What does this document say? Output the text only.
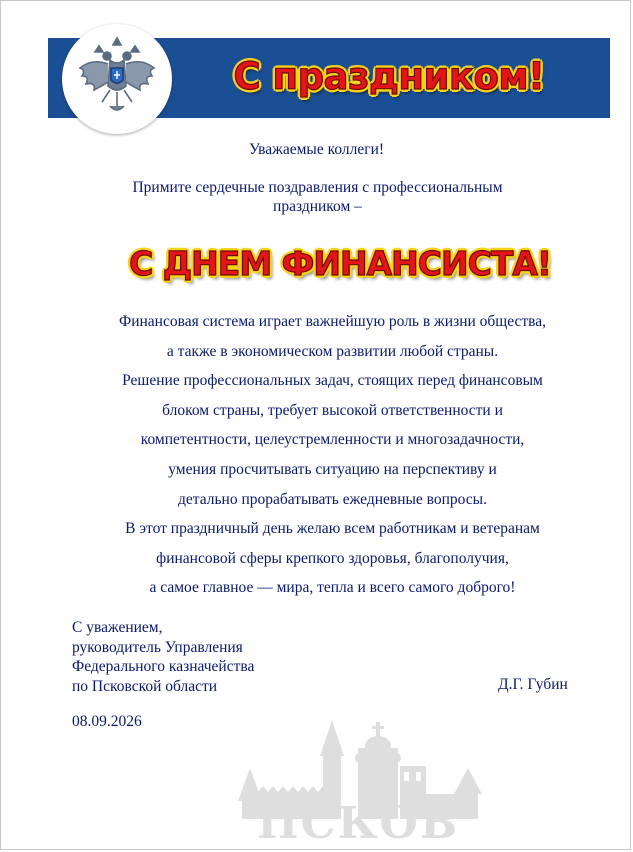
С праздником!
Уважаемые коллеги!
Примите сердечные поздравления с профессиональным
праздником –
С ДНЕМ ФИНАНСИСТА!
Финансовая система играет важнейшую роль в жизни общества,
а также в экономическом развитии любой страны.
Решение профессиональных задач, стоящих перед финансовым
блоком страны, требует высокой ответственности и
компетентности, целеустремленности и многозадачности,
умения просчитывать ситуацию на перспективу и
детально прорабатывать ежедневные вопросы.
В этот праздничный день желаю всем работникам и ветеранам
финансовой сферы крепкого здоровья, благополучия,
а самое главное — мира, тепла и всего самого доброго!
С уважением,
руководитель Управления
Федерального казначейства
по Псковской области	Д.Г. Губин
08.09.2026
ПСКОВ
